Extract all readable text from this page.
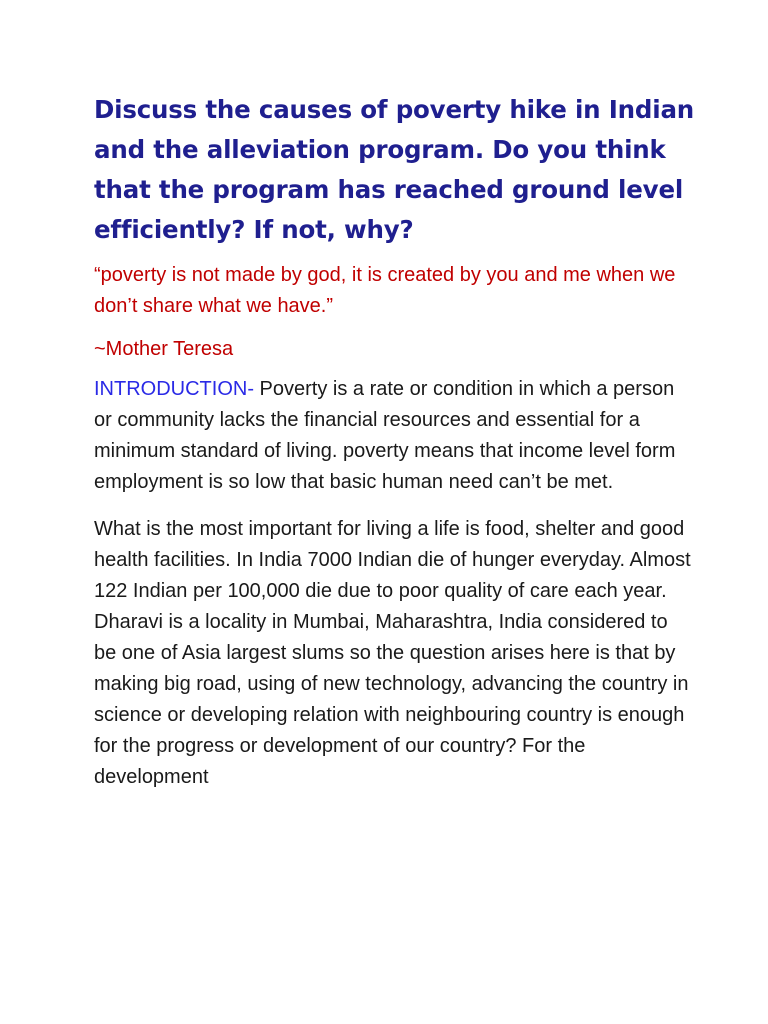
Discuss the causes of poverty hike in Indian and the alleviation program. Do you think that the program has reached ground level efficiently? If not, why?

“poverty is not made by god, it is created by you and me when we don’t share what we have.”

~Mother Teresa

INTRODUCTION- Poverty is a rate or condition in which a person or community lacks the financial resources and essential for a minimum standard of living. poverty means that income level form employment is so low that basic human need can’t be met.

What is the most important for living a life is food, shelter and good health facilities. In India 7000 Indian die of hunger everyday. Almost 122 Indian per 100,000 die due to poor quality of care each year. Dharavi is a locality in Mumbai, Maharashtra, India considered to be one of Asia largest slums so the question arises here is that by making big road, using of new technology, advancing the country in science or developing relation with neighbouring country is enough for the progress or development of our country? For the development
